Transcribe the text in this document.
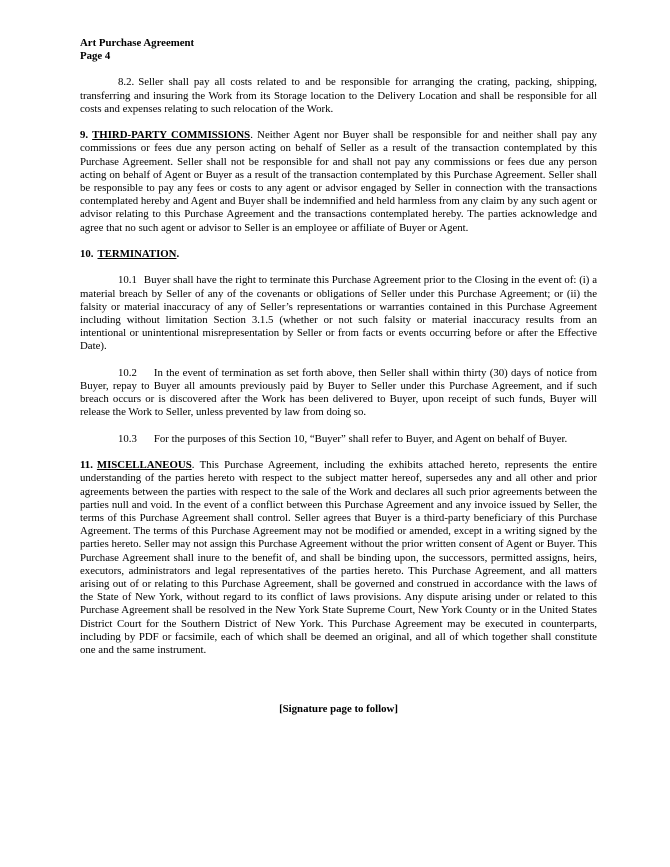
Art Purchase Agreement
Page 4

8.2. Seller shall pay all costs related to and be responsible for arranging the crating, packing, shipping, transferring and insuring the Work from its Storage location to the Delivery Location and shall be responsible for all costs and expenses relating to such relocation of the Work.

9. THIRD-PARTY COMMISSIONS. Neither Agent nor Buyer shall be responsible for and neither shall pay any commissions or fees due any person acting on behalf of Seller as a result of the transaction contemplated by this Purchase Agreement. Seller shall not be responsible for and shall not pay any commissions or fees due any person acting on behalf of Agent or Buyer as a result of the transaction contemplated by this Purchase Agreement. Seller shall be responsible to pay any fees or costs to any agent or advisor engaged by Seller in connection with the transactions contemplated hereby and Agent and Buyer shall be indemnified and held harmless from any claim by any such agent or advisor relating to this Purchase Agreement and the transactions contemplated hereby. The parties acknowledge and agree that no such agent or advisor to Seller is an employee or affiliate of Buyer or Agent.

10. TERMINATION.

10.1 Buyer shall have the right to terminate this Purchase Agreement prior to the Closing in the event of: (i) a material breach by Seller of any of the covenants or obligations of Seller under this Purchase Agreement; or (ii) the falsity or material inaccuracy of any of Seller’s representations or warranties contained in this Purchase Agreement including without limitation Section 3.1.5 (whether or not such falsity or material inaccuracy results from an intentional or unintentional misrepresentation by Seller or from facts or events occurring before or after the Effective Date).

10.2 In the event of termination as set forth above, then Seller shall within thirty (30) days of notice from Buyer, repay to Buyer all amounts previously paid by Buyer to Seller under this Purchase Agreement, and if such breach occurs or is discovered after the Work has been delivered to Buyer, upon receipt of such funds, Buyer will release the Work to Seller, unless prevented by law from doing so.

10.3 For the purposes of this Section 10, “Buyer” shall refer to Buyer, and Agent on behalf of Buyer.

11. MISCELLANEOUS. This Purchase Agreement, including the exhibits attached hereto, represents the entire understanding of the parties hereto with respect to the subject matter hereof, supersedes any and all other and prior agreements between the parties with respect to the sale of the Work and declares all such prior agreements between the parties null and void. In the event of a conflict between this Purchase Agreement and any invoice issued by Seller, the terms of this Purchase Agreement shall control. Seller agrees that Buyer is a third-party beneficiary of this Purchase Agreement. The terms of this Purchase Agreement may not be modified or amended, except in a writing signed by the parties hereto. Seller may not assign this Purchase Agreement without the prior written consent of Agent or Buyer. This Purchase Agreement shall inure to the benefit of, and shall be binding upon, the successors, permitted assigns, heirs, executors, administrators and legal representatives of the parties hereto. This Purchase Agreement, and all matters arising out of or relating to this Purchase Agreement, shall be governed and construed in accordance with the laws of the State of New York, without regard to its conflict of laws provisions. Any dispute arising under or related to this Purchase Agreement shall be resolved in the New York State Supreme Court, New York County or in the United States District Court for the Southern District of New York. This Purchase Agreement may be executed in counterparts, including by PDF or facsimile, each of which shall be deemed an original, and all of which together shall constitute one and the same instrument.

[Signature page to follow]
